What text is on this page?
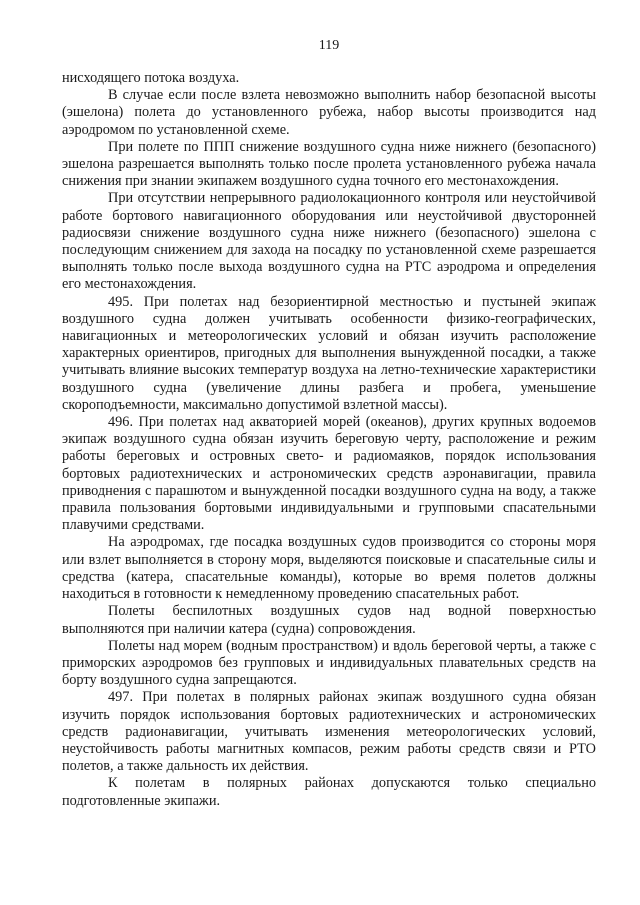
119

нисходящего потока воздуха.

В случае если после взлета невозможно выполнить набор безопасной высоты (эшелона) полета до установленного рубежа, набор высоты производится над аэродромом по установленной схеме.

При полете по ППП снижение воздушного судна ниже нижнего (безопасного) эшелона разрешается выполнять только после пролета установленного рубежа начала снижения при знании экипажем воздушного судна точного его местонахождения.

При отсутствии непрерывного радиолокационного контроля или неустойчивой работе бортового навигационного оборудования или неустойчивой двусторонней радиосвязи снижение воздушного судна ниже нижнего (безопасного) эшелона с последующим снижением для захода на посадку по установленной схеме разрешается выполнять только после выхода воздушного судна на РТС аэродрома и определения его местонахождения.

495. При полетах над безориентирной местностью и пустыней экипаж воздушного судна должен учитывать особенности физико-географических, навигационных и метеорологических условий и обязан изучить расположение характерных ориентиров, пригодных для выполнения вынужденной посадки, а также учитывать влияние высоких температур воздуха на летно-технические характеристики воздушного судна (увеличение длины разбега и пробега, уменьшение скороподъемности, максимально допустимой взлетной массы).

496. При полетах над акваторией морей (океанов), других крупных водоемов экипаж воздушного судна обязан изучить береговую черту, расположение и режим работы береговых и островных свето- и радиомаяков, порядок использования бортовых радиотехнических и астрономических средств аэронавигации, правила приводнения с парашютом и вынужденной посадки воздушного судна на воду, а также правила пользования бортовыми индивидуальными и групповыми спасательными плавучими средствами.

На аэродромах, где посадка воздушных судов производится со стороны моря или взлет выполняется в сторону моря, выделяются поисковые и спасательные силы и средства (катера, спасательные команды), которые во время полетов должны находиться в готовности к немедленному проведению спасательных работ.

Полеты беспилотных воздушных судов над водной поверхностью выполняются при наличии катера (судна) сопровождения.

Полеты над морем (водным пространством) и вдоль береговой черты, а также с приморских аэродромов без групповых и индивидуальных плавательных средств на борту воздушного судна запрещаются.

497. При полетах в полярных районах экипаж воздушного судна обязан изучить порядок использования бортовых радиотехнических и астрономических средств радионавигации, учитывать изменения метеорологических условий, неустойчивость работы магнитных компасов, режим работы средств связи и РТО полетов, а также дальность их действия.

К полетам в полярных районах допускаются только специально подготовленные экипажи.
